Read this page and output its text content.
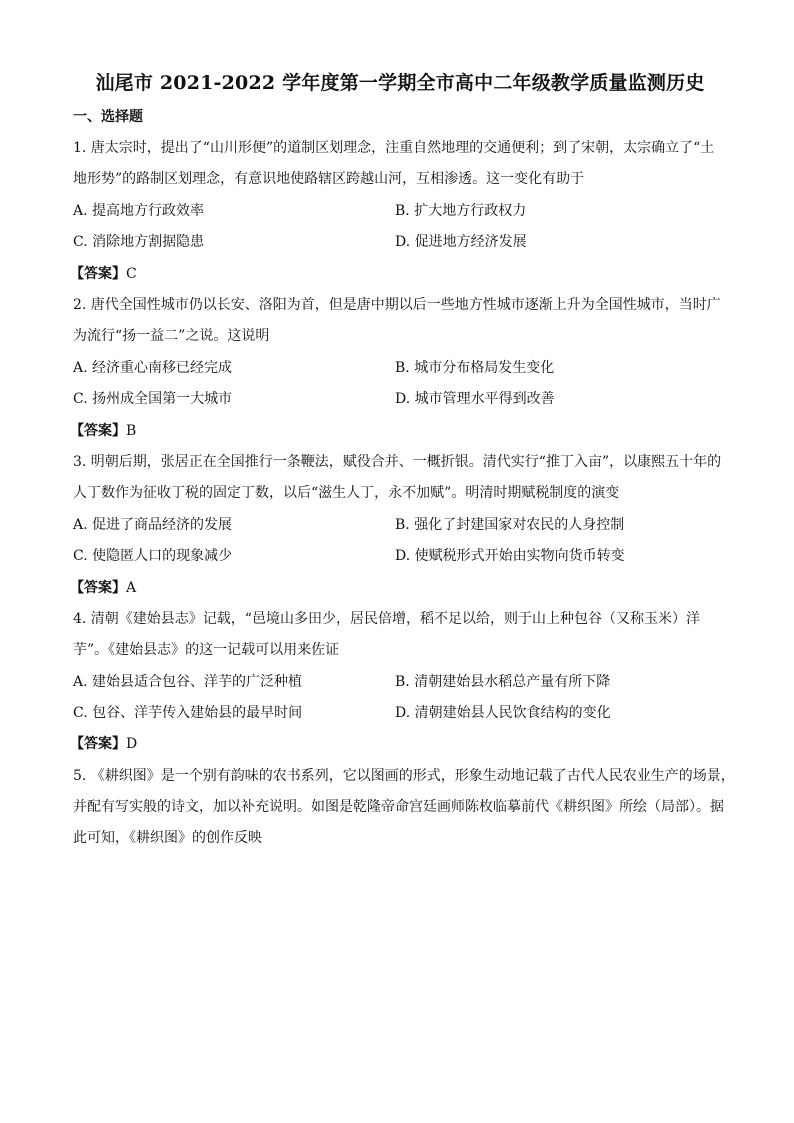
汕尾市 2021-2022 学年度第一学期全市高中二年级教学质量监测历史
一、选择题
1. 唐太宗时，提出了“山川形便”的道制区划理念，注重自然地理的交通便利；到了宋朝，太宗确立了“土
地形势”的路制区划理念，有意识地使路辖区跨越山河，互相渗透。这一变化有助于
A. 提高地方行政效率	B. 扩大地方行政权力
C. 消除地方割据隐患	D. 促进地方经济发展
【答案】C
2. 唐代全国性城市仍以长安、洛阳为首，但是唐中期以后一些地方性城市逐渐上升为全国性城市，当时广
为流行“扬一益二”之说。这说明
A. 经济重心南移已经完成	B. 城市分布格局发生变化
C. 扬州成全国第一大城市	D. 城市管理水平得到改善
【答案】B
3. 明朝后期，张居正在全国推行一条鞭法，赋役合并、一概折银。清代实行“推丁入亩”，以康熙五十年的
人丁数作为征收丁税的固定丁数，以后“滋生人丁，永不加赋”。明清时期赋税制度的演变
A. 促进了商品经济的发展	B. 强化了封建国家对农民的人身控制
C. 使隐匿人口的现象减少	D. 使赋税形式开始由实物向货币转变
【答案】A
4. 清朝《建始县志》记载，“邑境山多田少，居民倍增，稻不足以给，则于山上种包谷（又称玉米）洋
芋”。《建始县志》的这一记载可以用来佐证
A. 建始县适合包谷、洋芋的广泛种植	B. 清朝建始县水稻总产量有所下降
C. 包谷、洋芋传入建始县的最早时间	D. 清朝建始县人民饮食结构的变化
【答案】D
5. 《耕织图》是一个别有韵味的农书系列，它以图画的形式，形象生动地记载了古代人民农业生产的场景，
并配有写实般的诗文，加以补充说明。如图是乾隆帝命宫廷画师陈枚临摹前代《耕织图》所绘（局部）。据
此可知，《耕织图》的创作反映
